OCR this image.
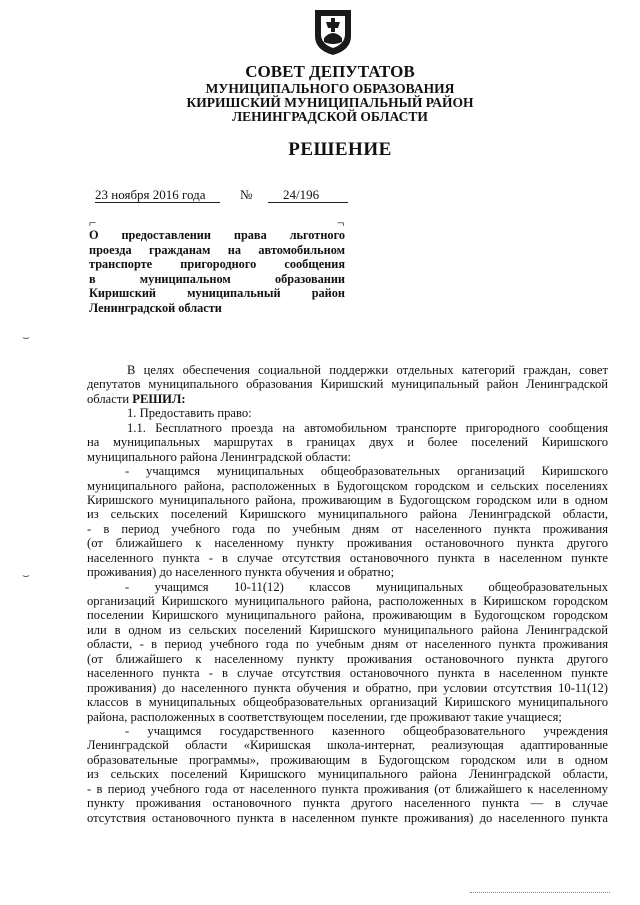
СОВЕТ ДЕПУТАТОВ
МУНИЦИПАЛЬНОГО ОБРАЗОВАНИЯ
КИРИШСКИЙ МУНИЦИПАЛЬНЫЙ РАЙОН
ЛЕНИНГРАДСКОЙ ОБЛАСТИ
РЕШЕНИЕ
23 ноября 2016 года	№ 24/196
⌐	¬
О предоставлении права льготного
проезда гражданам на автомобильном
транспорте пригородного сообщения
в муниципальном образовании
Киришский муниципальный район
Ленинградской области
⌣
⌣
В целях обеспечения социальной поддержки отдельных категорий граждан, совет
депутатов муниципального образования Киришский муниципальный район Ленинградской
области РЕШИЛ:
1. Предоставить право:
1.1. Бесплатного проезда на автомобильном транспорте пригородного сообщения
на муниципальных маршрутах в границах двух и более поселений Киришского
муниципального района Ленинградской области:
- учащимся муниципальных общеобразовательных организаций Киришского
муниципального района, расположенных в Будогощском городском и сельских поселениях
Киришского муниципального района, проживающим в Будогощском городском или в одном
из сельских поселений Киришского муниципального района Ленинградской области,
- в период учебного года по учебным дням от населенного пункта проживания
(от ближайшего к населенному пункту проживания остановочного пункта другого
населенного пункта - в случае отсутствия остановочного пункта в населенном пункте
проживания) до населенного пункта обучения и обратно;
- учащимся 10-11(12) классов муниципальных общеобразовательных
организаций Киришского муниципального района, расположенных в Киришском городском
поселении Киришского муниципального района, проживающим в Будогощском городском
или в одном из сельских поселений Киришского муниципального района Ленинградской
области, - в период учебного года по учебным дням от населенного пункта проживания
(от ближайшего к населенному пункту проживания остановочного пункта другого
населенного пункта - в случае отсутствия остановочного пункта в населенном пункте
проживания) до населенного пункта обучения и обратно, при условии отсутствия 10-11(12)
классов в муниципальных общеобразовательных организаций Киришского муниципального
района, расположенных в соответствующем поселении, где проживают такие учащиеся;
- учащимся государственного казенного общеобразовательного учреждения
Ленинградской области «Киришская школа-интернат, реализующая адаптированные
образовательные программы», проживающим в Будогощском городском или в одном
из сельских поселений Киришского муниципального района Ленинградской области,
- в период учебного года от населенного пункта проживания (от ближайшего к населенному
пункту проживания остановочного пункта другого населенного пункта — в случае
отсутствия остановочного пункта в населенном пункте проживания) до населенного пункта
